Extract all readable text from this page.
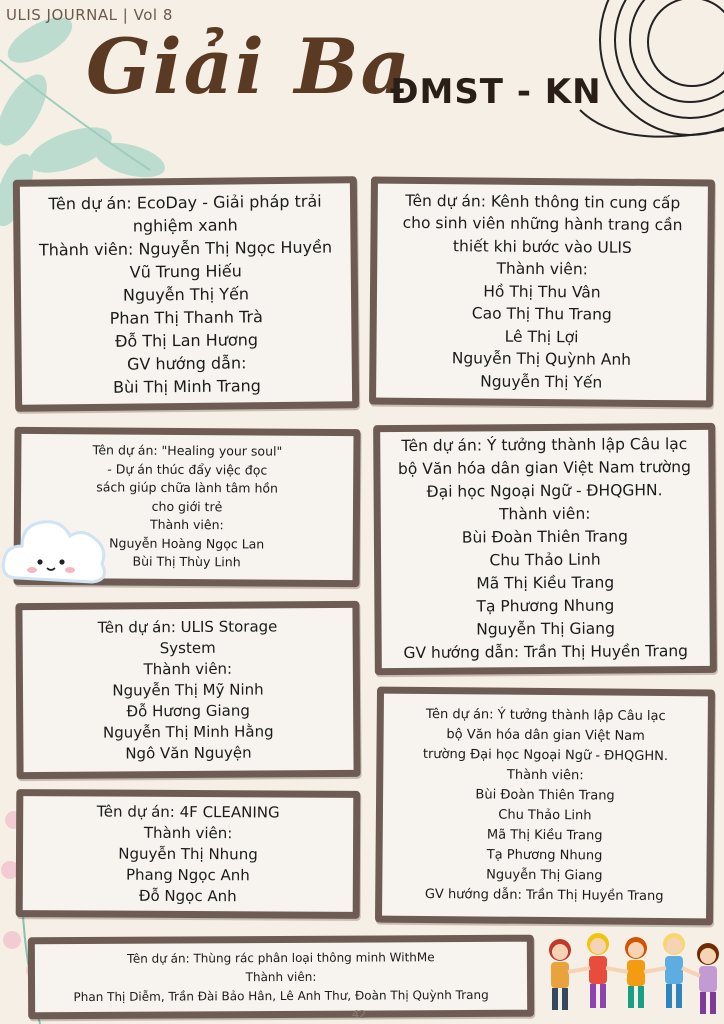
ULIS JOURNAL | Vol 8
Giải Ba
ĐMST - KN
Tên dự án: EcoDay - Giải pháp trải
nghiệm xanh
Thành viên: Nguyễn Thị Ngọc Huyền
Vũ Trung Hiếu
Nguyễn Thị Yến
Phan Thị Thanh Trà
Đỗ Thị Lan Hương
GV hướng dẫn:
Bùi Thị Minh Trang
Tên dự án: Kênh thông tin cung cấp
cho sinh viên những hành trang cần
thiết khi bước vào ULIS
Thành viên:
Hồ Thị Thu Vân
Cao Thị Thu Trang
Lê Thị Lợi
Nguyễn Thị Quỳnh Anh
Nguyễn Thị Yến
Tên dự án: "Healing your soul"
- Dự án thúc đẩy việc đọc
sách giúp chữa lành tâm hồn
cho giới trẻ
Thành viên:
Nguyễn Hoàng Ngọc Lan
Bùi Thị Thùy Linh
Tên dự án: Ý tưởng thành lập Câu lạc
bộ Văn hóa dân gian Việt Nam trường
Đại học Ngoại Ngữ - ĐHQGHN.
Thành viên:
Bùi Đoàn Thiên Trang
Chu Thảo Linh
Mã Thị Kiều Trang
Tạ Phương Nhung
Nguyễn Thị Giang
GV hướng dẫn: Trần Thị Huyền Trang
Tên dự án: ULIS Storage
System
Thành viên:
Nguyễn Thị Mỹ Ninh
Đỗ Hương Giang
Nguyễn Thị Minh Hằng
Ngô Văn Nguyện
Tên dự án: Ý tưởng thành lập Câu lạc
bộ Văn hóa dân gian Việt Nam
trường Đại học Ngoại Ngữ - ĐHQGHN.
Thành viên:
Bùi Đoàn Thiên Trang
Chu Thảo Linh
Mã Thị Kiều Trang
Tạ Phương Nhung
Nguyễn Thị Giang
GV hướng dẫn: Trần Thị Huyền Trang
Tên dự án: 4F CLEANING
Thành viên:
Nguyễn Thị Nhung
Phang Ngọc Anh
Đỗ Ngọc Anh
Tên dự án: Thùng rác phân loại thông minh WithMe
Thành viên:
Phan Thị Diễm, Trần Đài Bảo Hân, Lê Anh Thư, Đoàn Thị Quỳnh Trang
42
